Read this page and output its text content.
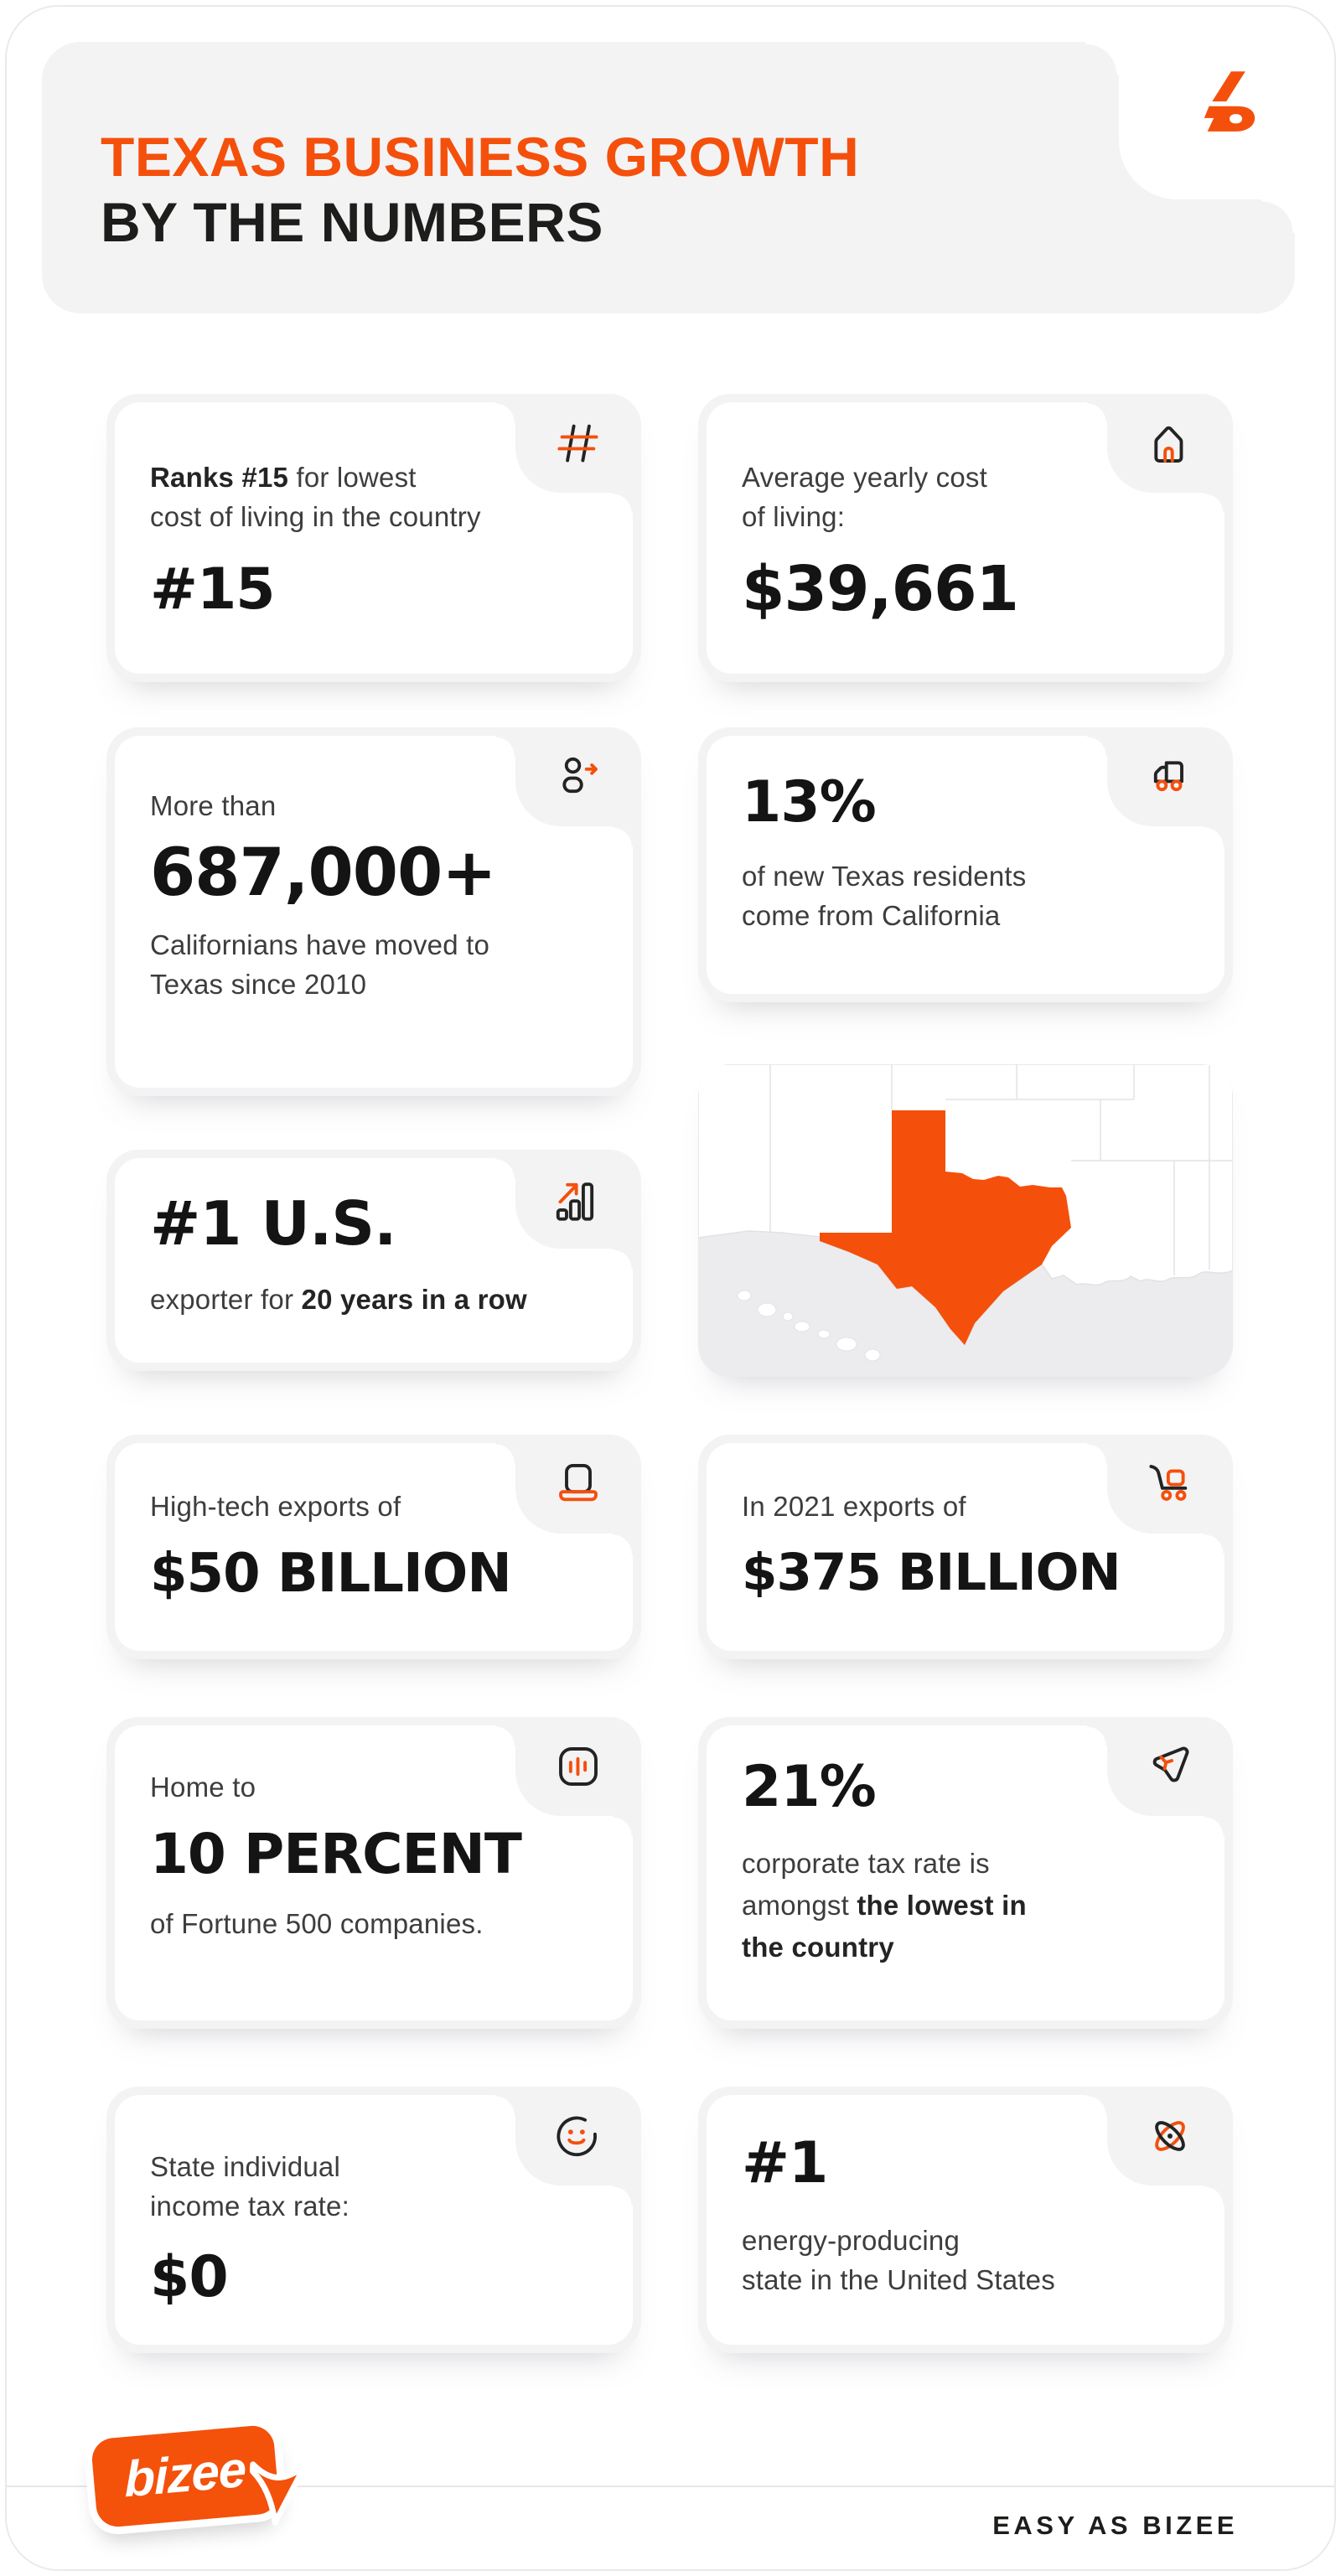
TEXAS BUSINESS GROWTH
BY THE NUMBERS
Ranks #15 for lowest
cost of living in the country
#15
Average yearly cost
of living:
$39,661
More than
687,000+
Californians have moved to
Texas since 2010
13%
of new Texas residents
come from California
#1 U.S.
exporter for 20 years in a row
High-tech exports of
$50 BILLION
In 2021 exports of
$375 BILLION
Home to
10 PERCENT
of Fortune 500 companies.
21%
corporate tax rate is
amongst the lowest in
the country
State individual
income tax rate:
$0
#1
energy-producing
state in the United States
bizee
EASY AS BIZEE
